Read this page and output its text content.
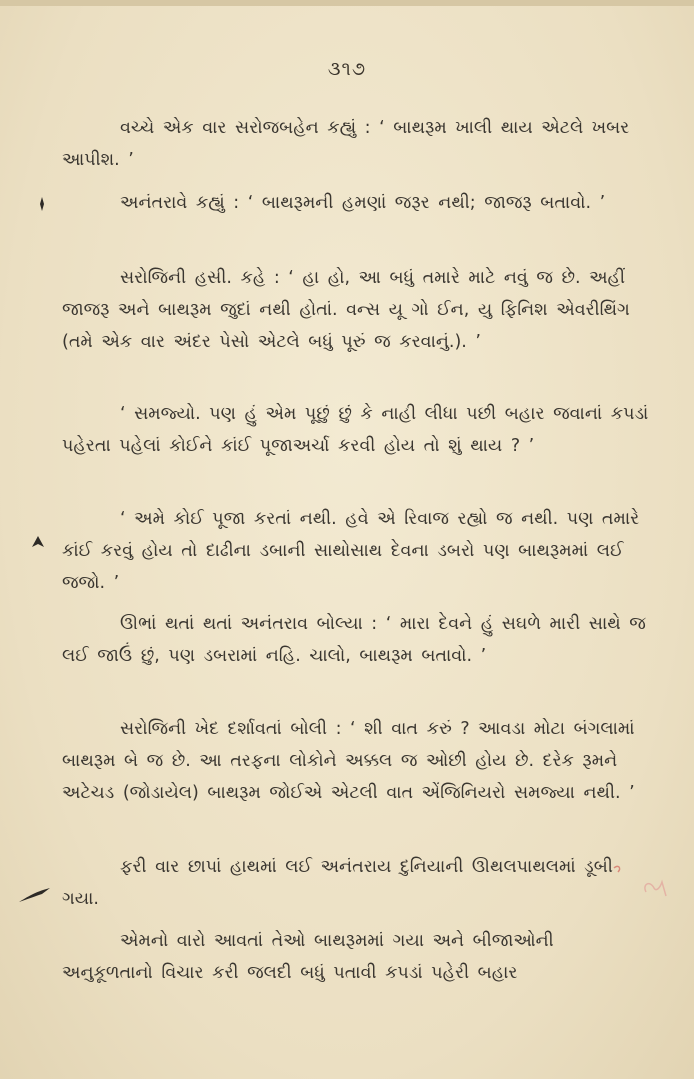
૩૧૭

વચ્ચે એક વાર સરોજબહેન કહ્યું : ‘ બાથરૂમ ખાલી થાય એટલે ખબર આપીશ. ’

અનંતરાવે કહ્યું : ‘ બાથરૂમની હમણાં જરૂર નથી; જાજરૂ બતાવો. ’

સરોજિની હસી. કહે : ‘ હા હો, આ બધું તમારે માટે નવું જ છે. અહીં જાજરૂ અને બાથરૂમ જુદાં નથી હોતાં. વન્સ યૂ ગો ઈન, યુ ફિનિશ એવરીથિંગ (તમે એક વાર અંદર પેસો એટલે બધું પૂરું જ કરવાનું.). ’

‘ સમજ્યો. પણ હું એમ પૂછું છું કે નાહી લીધા પછી બહાર જવાનાં કપડાં પહેરતા પહેલાં કોઈને કાંઈ પૂજાઅર્ચા કરવી હોય તો શું થાય ? ’

‘ અમે કોઈ પૂજા કરતાં નથી. હવે એ રિવાજ રહ્યો જ નથી. પણ તમારે કાંઈ કરવું હોય તો દાઢીના ડબાની સાથોસાથ દેવના ડબરો પણ બાથરૂમમાં લઈ જજો. ’

ઊભાં થતાં થતાં અનંતરાવ બોલ્યા : ‘ મારા દેવને હું સઘળે મારી સાથે જ લઈ જાઉં છું, પણ ડબરામાં નહિ. ચાલો, બાથરૂમ બતાવો. ’

સરોજિની ખેદ દર્શાવતાં બોલી : ‘ શી વાત કરું ? આવડા મોટા બંગલામાં બાથરૂમ બે જ છે. આ તરફના લોકોને અક્કલ જ ઓછી હોય છે. દરેક રૂમને અટેચડ (જોડાયેલ) બાથરૂમ જોઈએ એટલી વાત એંજિનિયરો સમજ્યા નથી. ’

ફરી વાર છાપાં હાથમાં લઈ અનંતરાય દુનિયાની ઊથલપાથલમાં ડૂબી ગયા.

એમનો વારો આવતાં તેઓ બાથરૂમમાં ગયા અને બીજાઓની અનુકૂળતાનો વિચાર કરી જલદી બધું પતાવી કપડાં પહેરી બહાર
